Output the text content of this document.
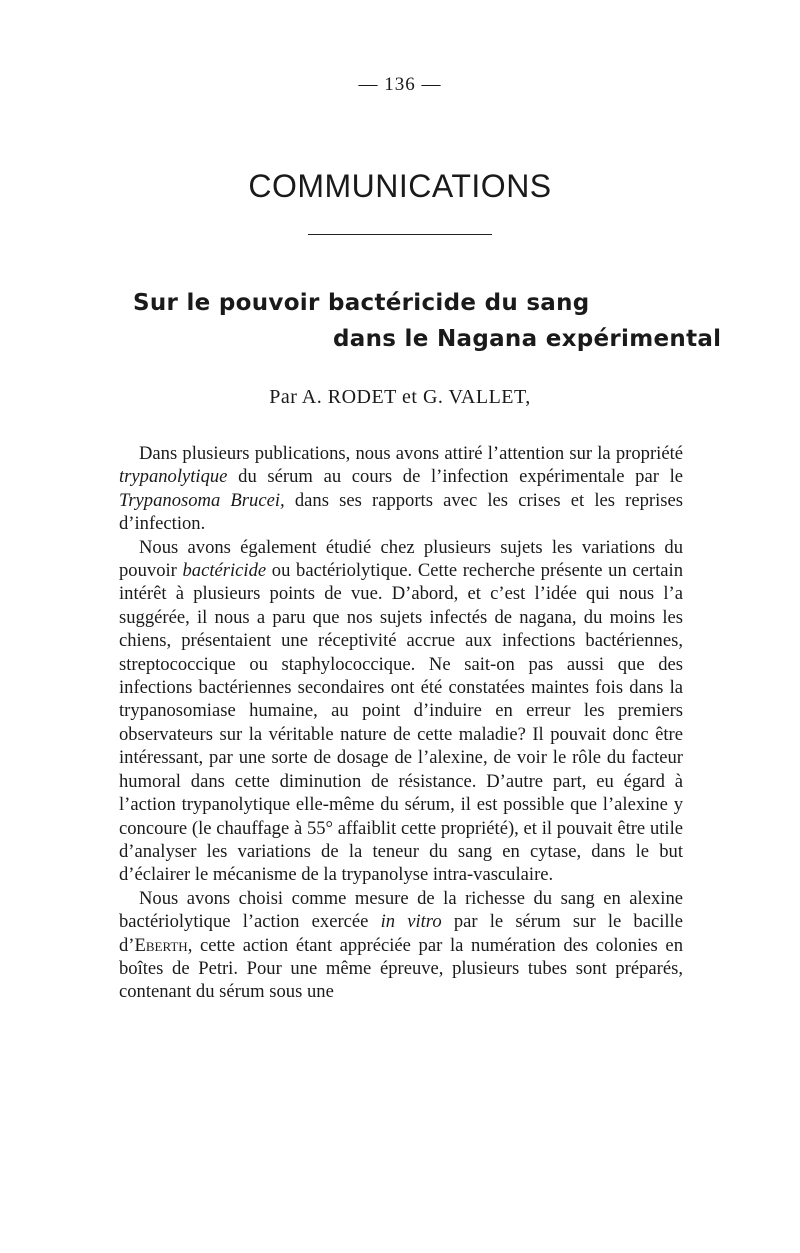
— 136 —
COMMUNICATIONS
Sur le pouvoir bactéricide du sang
dans le Nagana expérimental
Par A. RODET et G. VALLET,

Dans plusieurs publications, nous avons attiré l’attention sur la propriété trypanolytique du sérum au cours de l’infection expérimentale par le Trypanosoma Brucei, dans ses rapports avec les crises et les reprises d’infection.

Nous avons également étudié chez plusieurs sujets les variations du pouvoir bactéricide ou bactériolytique. Cette recherche présente un certain intérêt à plusieurs points de vue. D’abord, et c’est l’idée qui nous l’a suggérée, il nous a paru que nos sujets infectés de nagana, du moins les chiens, présentaient une réceptivité accrue aux infections bactériennes, streptococcique ou staphylococcique. Ne sait-on pas aussi que des infections bactériennes secondaires ont été constatées maintes fois dans la trypanosomiase humaine, au point d’induire en erreur les premiers observateurs sur la véritable nature de cette maladie? Il pouvait donc être intéressant, par une sorte de dosage de l’alexine, de voir le rôle du facteur humoral dans cette diminution de résistance. D’autre part, eu égard à l’action trypanolytique elle-même du sérum, il est possible que l’alexine y concoure (le chauffage à 55° affaiblit cette propriété), et il pouvait être utile d’analyser les variations de la teneur du sang en cytase, dans le but d’éclairer le mécanisme de la trypanolyse intra-vasculaire.

Nous avons choisi comme mesure de la richesse du sang en alexine bactériolytique l’action exercée in vitro par le sérum sur le bacille d’Eberth, cette action étant appréciée par la numération des colonies en boîtes de Petri. Pour une même épreuve, plusieurs tubes sont préparés, contenant du sérum sous une
